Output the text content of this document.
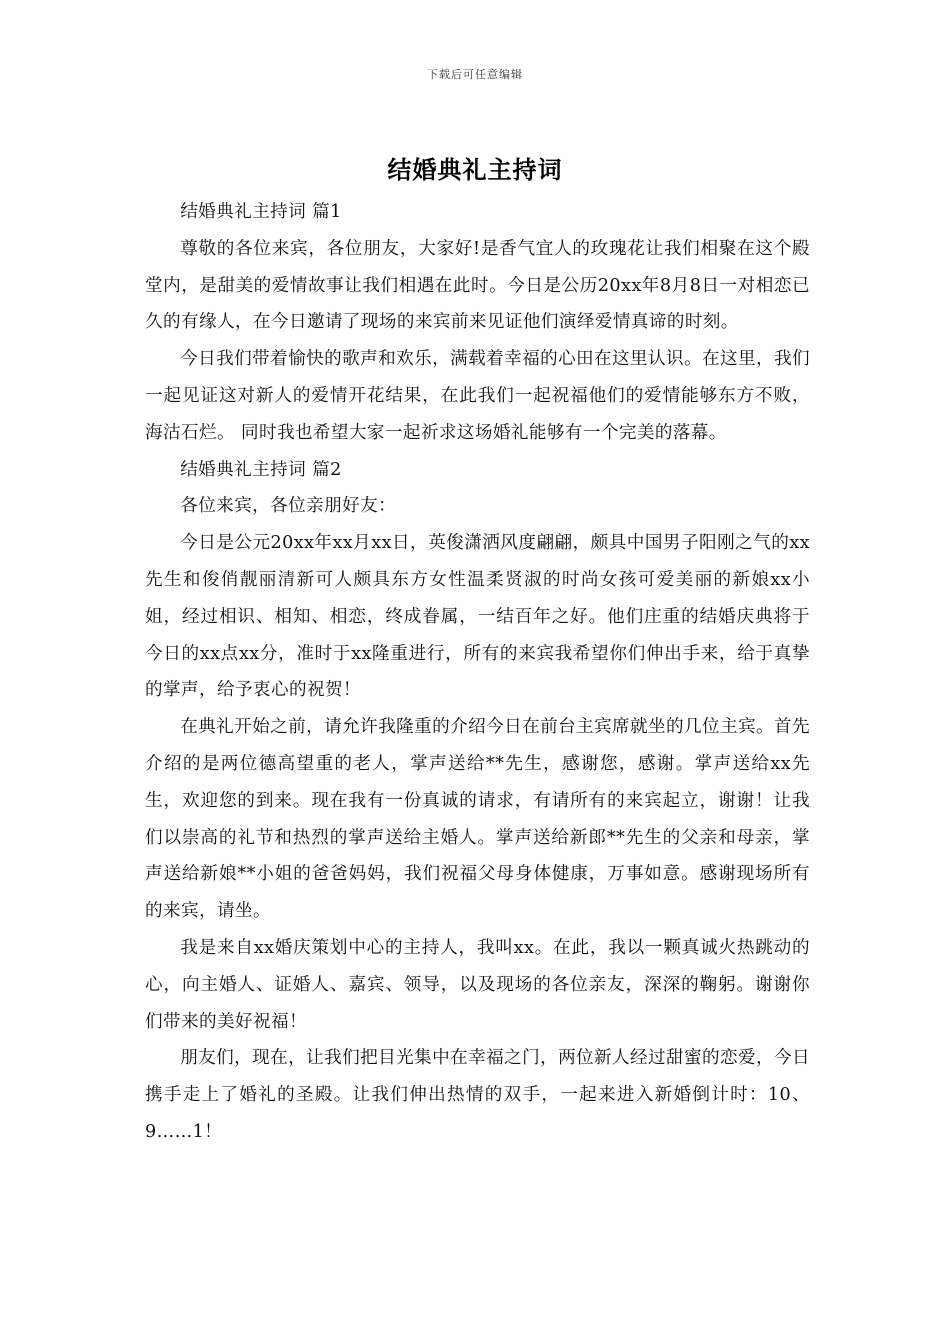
下载后可任意编辑
结婚典礼主持词

结婚典礼主持词 篇1

尊敬的各位来宾，各位朋友，大家好!是香气宜人的玫瑰花让我们相聚在这个殿堂内，是甜美的爱情故事让我们相遇在此时。今日是公历20xx年8月8日一对相恋已久的有缘人，在今日邀请了现场的来宾前来见证他们演绎爱情真谛的时刻。

今日我们带着愉快的歌声和欢乐，满载着幸福的心田在这里认识。在这里，我们一起见证这对新人的爱情开花结果，在此我们一起祝福他们的爱情能够东方不败，海沽石烂。 同时我也希望大家一起祈求这场婚礼能够有一个完美的落幕。

结婚典礼主持词 篇2

各位来宾，各位亲朋好友：

今日是公元20xx年xx月xx日，英俊潇洒风度翩翩，颇具中国男子阳刚之气的xx先生和俊俏靓丽清新可人颇具东方女性温柔贤淑的时尚女孩可爱美丽的新娘xx小姐，经过相识、相知、相恋，终成眷属，一结百年之好。他们庄重的结婚庆典将于今日的xx点xx分，准时于xx隆重进行，所有的来宾我希望你们伸出手来，给于真挚的掌声，给予衷心的祝贺！

在典礼开始之前，请允许我隆重的介绍今日在前台主宾席就坐的几位主宾。首先介绍的是两位德高望重的老人，掌声送给**先生，感谢您，感谢。掌声送给xx先生，欢迎您的到来。现在我有一份真诚的请求，有请所有的来宾起立，谢谢！让我们以崇高的礼节和热烈的掌声送给主婚人。掌声送给新郎**先生的父亲和母亲，掌声送给新娘**小姐的爸爸妈妈，我们祝福父母身体健康，万事如意。感谢现场所有的来宾，请坐。

我是来自xx婚庆策划中心的主持人，我叫xx。在此，我以一颗真诚火热跳动的心，向主婚人、证婚人、嘉宾、领导，以及现场的各位亲友，深深的鞠躬。谢谢你们带来的美好祝福！

朋友们，现在，让我们把目光集中在幸福之门，两位新人经过甜蜜的恋爱，今日携手走上了婚礼的圣殿。让我们伸出热情的双手，一起来进入新婚倒计时：10、9……1！
